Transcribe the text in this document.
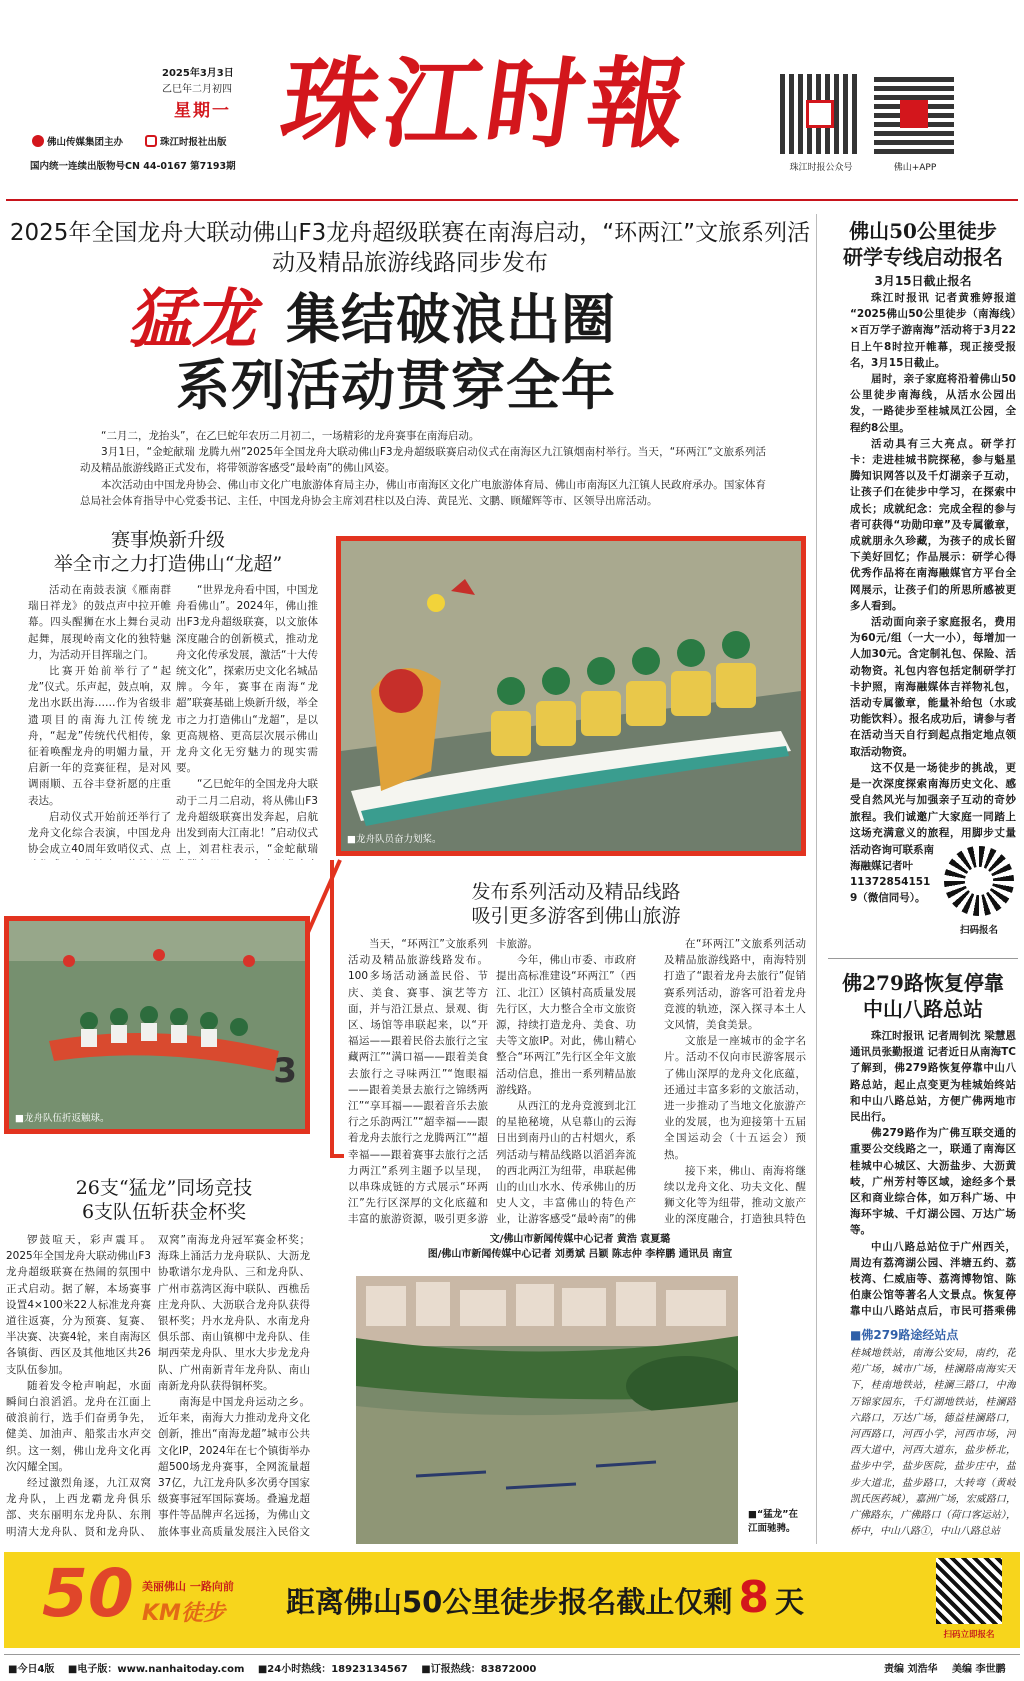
2025年3月3日
乙巳年二月初四
星期一
佛山传媒集团主办	珠江时报社出版
国内统一连续出版物号CN 44-0167 第7193期
珠江时報
珠江时报公众号	佛山+APP
2025年全国龙舟大联动佛山F3龙舟超级联赛在南海启动，“环两江”文旅系列活动及精品旅游线路同步发布
猛龙 集结破浪出圈
系列活动贯穿全年

“二月二，龙抬头”，在乙巳蛇年农历二月初二，一场精彩的龙舟赛事在南海启动。

3月1日，“金蛇献瑞 龙腾九州”2025年全国龙舟大联动佛山F3龙舟超级联赛启动仪式在南海区九江镇烟南村举行。当天，“环两江”文旅系列活动及精品旅游线路正式发布，将带领游客感受“最岭南”的佛山风姿。

本次活动由中国龙舟协会、佛山市文化广电旅游体育局主办，佛山市南海区文化广电旅游体育局、佛山市南海区九江镇人民政府承办。国家体育总局社会体育指导中心党委书记、主任，中国龙舟协会主席刘君柱以及白涛、黄昆光、文鹏、顾耀辉等市、区领导出席活动。

赛事焕新升级
举全市之力打造佛山“龙超”

活动在南鼓表演《雁南群瑞日祥龙》的鼓点声中拉开帷幕。四头醒狮在水上舞台灵动起舞，展现岭南文化的独特魅力，为活动开目挥瑞之门。

比赛开始前举行了“起龙”仪式。乐声起，鼓点响，双龙出水跃出海……作为省级非遗项目的南海九江传统龙舟，“起龙”传统代代相传，象征着唤醒龙舟的明媚力量，开启新一年的竞赛征程，是对风调雨顺、五谷丰登祈愿的庄重表达。

启动仪式开始前还举行了龙舟文化综合表演，中国龙舟协会成立40周年致哨仪式、点

“世界龙舟看中国，中国龙舟看佛山”。2024年，佛山推出F3龙舟超级联赛，以文旅体深度融合的创新模式，推动龙舟文化传承发展，激活“十大传统文化”，探索历史文化名城品牌。今年，赛事在南海“龙超”联赛基础上焕新升级，举全市之力打造佛山“龙超”，是以更高规格、更高层次展示佛山龙舟文化无穷魅力的现实需要。

“乙巳蛇年的全国龙舟大联动于二月二启动，将从佛山F3龙舟超级联赛出发奔起，启航出发到南大江南北！”启动仪式上，刘君柱表示，“金蛇献瑞

■龙舟队员奋力划桨。
3
■龙舟队伍折返触球。
发布系列活动及精品线路
吸引更多游客到佛山旅游

当天，“环两江”文旅系列活动及精品旅游线路发布。100多场活动涵盖民俗、节庆、美食、赛事、演艺等方面，并与沿江景点、景观、街区、场馆等串联起来，以“开福运——跟着民俗去旅行之宝藏两江”“满口福——跟着美食去旅行之寻味两江”“饱眼福——跟着美景去旅行之锦绣两江”“享耳福——跟着音乐去旅行之乐韵两江”“超幸福——跟着龙舟去旅行之龙腾两江”“超幸福——跟着赛事去旅行之活力两江”系列主题予以呈现，以串珠成链的方式展示“环两江”先行区深厚的文化底蕴和丰富的旅游资源，吸引更多游

卡旅游。

今年，佛山市委、市政府提出高标准建设“环两江”（西江、北江）区镇村高质量发展先行区，大力整合全市文旅资源，持续打造龙舟、美食、功夫等文旅IP。对此，佛山精心整合“环两江”先行区全年文旅活动信息，推出一系列精品旅游线路。

从西江的龙舟竞渡到北江的星艳秘境，从皂幕山的云海日出到南丹山的古村烟火，系列活动与精品线路以滔滔奔流的西北两江为纽带，串联起佛山的山山水水、传承佛山的历史人文，丰富佛山的特色产业，让游客感受“最岭南”的佛

在“环两江”文旅系列活动及精品旅游线路中，南海特别打造了“跟着龙舟去旅行”促销赛系列活动，游客可沿着龙舟竞渡的轨迹，深入探寻本土人文风情，美食美景。

文旅是一座城市的金字名片。活动不仅向市民游客展示了佛山深厚的龙舟文化底蕴，还通过丰富多彩的文旅活动，进一步推动了当地文化旅游产业的发展，也为迎接第十五届全国运动会（十五运会）预热。

接下来，佛山、南海将继续以龙舟文化、功夫文化、醒狮文化等为纽带，推动文旅产业的深度融合，打造独具特色

26支“猛龙”同场竞技
6支队伍斩获金杯奖

锣鼓喧天，彩声震耳。2025年全国龙舟大联动佛山F3龙舟超级联赛在热闹的氛围中正式启动。据了解，本场赛事设置4×100米22人标准龙舟赛道往返赛，分为预赛、复赛、半决赛、决赛4轮，来自南海区各镇街、西区及其他地区共26支队伍参加。

随着发令枪声响起，水面瞬间白浪滔滔。龙舟在江面上破浪前行，选手们奋勇争先，健美、加油声、船浆击水声交织。这一刻，佛山龙舟文化再次闪耀全国。

经过激烈角逐，九江双窝龙舟队，上西龙霸龙舟俱乐部、夹东丽明东龙舟队、东荆明清大龙舟队、贤和龙舟队、

双窝”南海龙舟冠军赛金杯奖；海珠上涌活力龙舟联队、大沥龙协歌谱尔龙舟队、三和龙舟队、广州市荔湾区海中联队、西樵岳庄龙舟队、大沥联合龙舟队获得银杯奖；丹水龙舟队、水南龙舟俱乐部、南山镇柳中龙舟队、佳垌西荣龙舟队、里水大步龙龙舟队、广州南新青年龙舟队、南山南新龙舟队获得铜杯奖。

南海是中国龙舟运动之乡。近年来，南海大力推动龙舟文化创新，推出“南海龙超”城市公共文化IP，2024年在七个镇街举办超500场龙舟赛事，全网流量超37亿，九江龙舟队多次勇夺国家级赛事冠军国际赛场。叠遍龙超事件等品牌声名远扬，为佛山文旅体事业高质量发展注入民俗文

文/佛山市新闻传媒中心记者 黄浩 袁夏璐
图/佛山市新闻传媒中心记者 刘勇斌 吕颖 陈志仲 李梓鹏 通讯员 南宣
■“猛龙”在江面驰骋。
佛山50公里徒步
研学专线启动报名
3月15日截止报名

珠江时报讯 记者黄雅婷报道 “2025佛山50公里徒步（南海线）×百万学子游南海”活动将于3月22日上午8时拉开帷幕，现正接受报名，3月15日截止。

届时，亲子家庭将沿着佛山50公里徒步南海线，从活水公园出发，一路徒步至桂城凤江公园，全程约8公里。

活动具有三大亮点。研学打卡：走进桂城书院探秘，参与魁星腾知识网答以及千灯湖亲子互动，让孩子们在徒步中学习，在探索中成长；成就纪念：完成全程的参与者可获得“功勋印章”及专属徽章，成就朋永久珍藏，为孩子的成长留下美好回忆；作品展示：研学心得优秀作品将在南海融媒官方平台全网展示，让孩子们的所思所感被更多人看到。

活动面向亲子家庭报名，费用为60元/组（一大一小），每增加一人加30元。含定制礼包、保险、活动物资。礼包内容包括定制研学打卡护照，南海融媒体吉祥物礼包，活动专属徽章，能量补给包（水或功能饮料）。报名成功后，请参与者在活动当天自行到起点指定地点领取活动物资。

这不仅是一场徒步的挑战，更是一次深度探索南海历史文化、感受自然风光与加强亲子互动的奇妙旅程。我们诚邀广大家庭一同踏上这场充满意义的旅程，用脚步丈量

活动咨询可联系南海融媒记者叶11372854151 9（微信同号）。
扫码报名
佛279路恢复停靠
中山八路总站

珠江时报讯 记者周钊沈 梁慧恩 通讯员张勤报道 记者近日从南海TC了解到，佛279路恢复停靠中山八路总站，起止点变更为桂城始终站和中山八路总站，方便广佛两地市民出行。

佛279路作为广佛互联交通的重要公交线路之一，联通了南海区桂城中心城区、大沥盐步、大沥黄岐，广州芳村等区域，途经多个景区和商业综合体，如万科广场、中海环宇城、千灯湖公园、万达广场等。

中山八路总站位于广州西关，周边有荔湾湖公园、泮塘五约、荔枝湾、仁威庙等、荔湾博物馆、陈伯康公馆等著名人文景点。恢复停靠中山八路站点后，市民可搭乘佛

■佛279路途经站点
桂城地铁站，南海公安局，南约，花苑广场，城市广场，桂澜路南海实天下，桂南地铁站，桂澜三路口，中海万锦家园东，千灯湖地铁站，桂澜路六路口，万达广场，德益桂澜路口，河西路口，河西小学，河西市场，河西大道中，河西大道东，盐步桥北，盐步中学，盐步医院，盐步庄中，盐步大道北，盐步路口，大转弯（黄岐凯氏医药城），嘉洲广场，宏威路口，广佛路东，广佛路口（荷口客运站），桥中，中山八路①，中山八路总站
50 美丽佛山 一路向前
KM徒步 距离佛山50公里徒步报名截止仅剩 8 天
扫码立即报名
■今日4版 ■电子版：www.nanhaitoday.com ■24小时热线：18923134567 ■订报热线：83872000	责编 刘浩华 美编 李世鹏
